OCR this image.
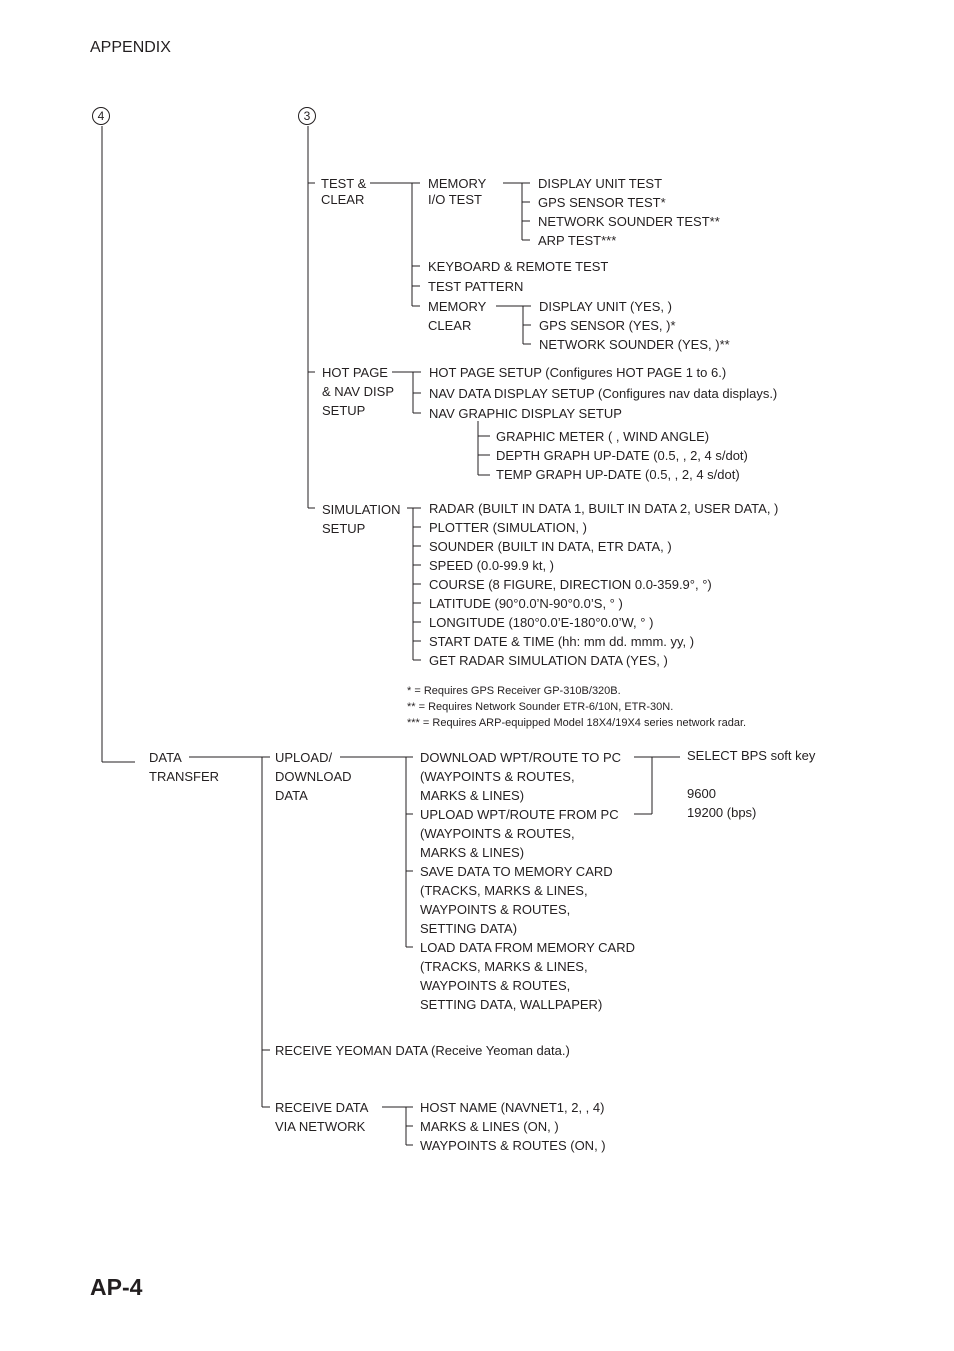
APPENDIX
4	3
TEST &
CLEAR
MEMORY
I/O TEST
DISPLAY UNIT TEST
GPS SENSOR TEST*
NETWORK SOUNDER TEST**
ARP TEST***
KEYBOARD & REMOTE TEST
TEST PATTERN
MEMORY
CLEAR
DISPLAY UNIT (YES, )
GPS SENSOR (YES, )*
NETWORK SOUNDER (YES, )**
HOT PAGE
& NAV DISP
SETUP
HOT PAGE SETUP (Configures HOT PAGE 1 to 6.)
NAV DATA DISPLAY SETUP (Configures nav data displays.)
NAV GRAPHIC DISPLAY SETUP
GRAPHIC METER ( , WIND ANGLE)
DEPTH GRAPH UP-DATE (0.5, , 2, 4 s/dot)
TEMP GRAPH UP-DATE (0.5, , 2, 4 s/dot)
SIMULATION
SETUP
RADAR (BUILT IN DATA 1, BUILT IN DATA 2, USER DATA, )
PLOTTER (SIMULATION, )
SOUNDER (BUILT IN DATA, ETR DATA, )
SPEED (0.0-99.9 kt, )
COURSE (8 FIGURE, DIRECTION 0.0-359.9°, °)
LATITUDE (90°0.0’N-90°0.0’S, ° )
LONGITUDE (180°0.0’E-180°0.0’W, ° )
START DATE & TIME (hh: mm dd. mmm. yy, )
GET RADAR SIMULATION DATA (YES, )
* = Requires GPS Receiver GP-310B/320B.
** = Requires Network Sounder ETR-6/10N, ETR-30N.
*** = Requires ARP-equipped Model 18X4/19X4 series network radar.
DATA
TRANSFER
UPLOAD/
DOWNLOAD
DATA
DOWNLOAD WPT/ROUTE TO PC
(WAYPOINTS & ROUTES,
MARKS & LINES)
UPLOAD WPT/ROUTE FROM PC
(WAYPOINTS & ROUTES,
MARKS & LINES)
SAVE DATA TO MEMORY CARD
(TRACKS, MARKS & LINES,
WAYPOINTS & ROUTES,
SETTING DATA)
LOAD DATA FROM MEMORY CARD
(TRACKS, MARKS & LINES,
WAYPOINTS & ROUTES,
SETTING DATA, WALLPAPER)
SELECT BPS soft key
9600
19200 (bps)
RECEIVE YEOMAN DATA (Receive Yeoman data.)
RECEIVE DATA
VIA NETWORK
HOST NAME (NAVNET1, 2, , 4)
MARKS & LINES (ON, )
WAYPOINTS & ROUTES (ON, )
AP-4
